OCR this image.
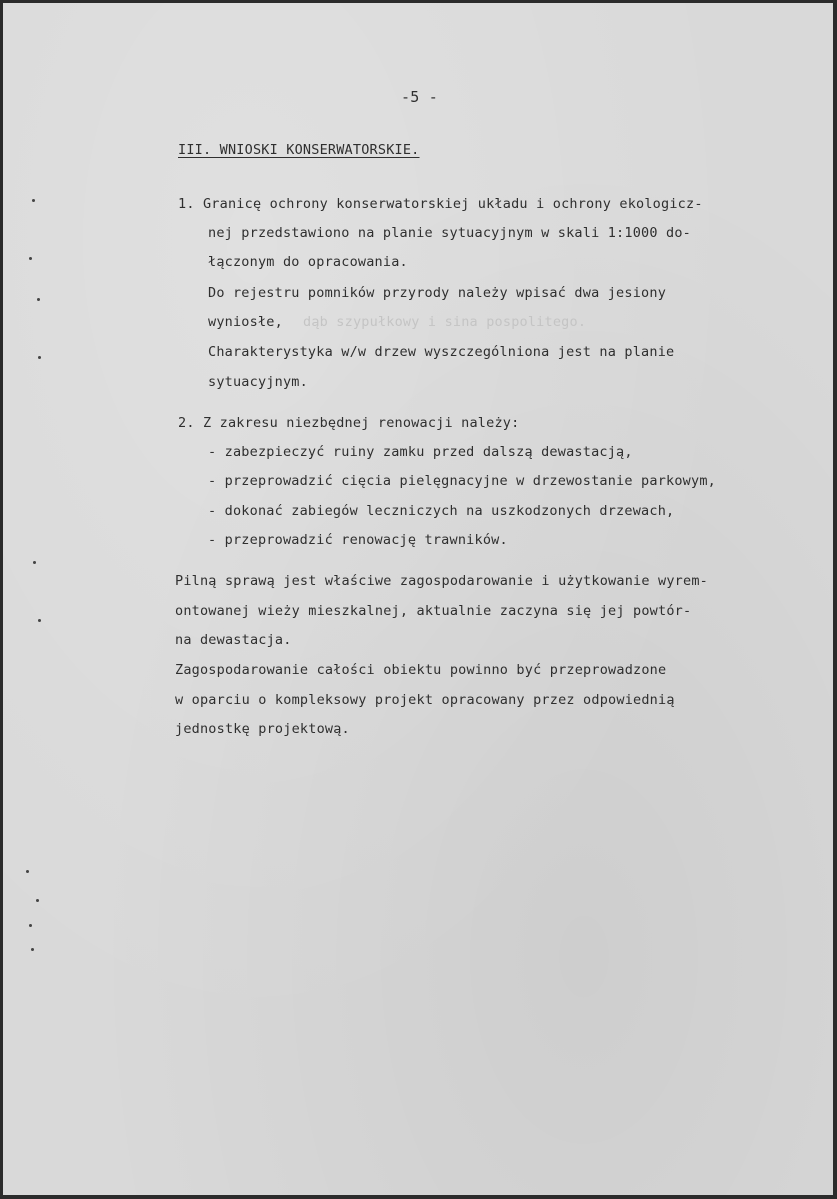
-5 -
III. WNIOSKI KONSERWATORSKIE.
1. Granicę ochrony konserwatorskiej układu i ochrony ekologicz-
nej przedstawiono na planie sytuacyjnym w skali 1:1000 do-
łączonym do opracowania.
Do rejestru pomników przyrody należy wpisać dwa jesiony
wyniosłe, dąb szypułkowy i sina pospolitego.
Charakterystyka w/w drzew wyszczególniona jest na planie
sytuacyjnym.
2. Z zakresu niezbędnej renowacji należy:
- zabezpieczyć ruiny zamku przed dalszą dewastacją,
- przeprowadzić cięcia pielęgnacyjne w drzewostanie parkowym,
- dokonać zabiegów leczniczych na uszkodzonych drzewach,
- przeprowadzić renowację trawników.
Pilną sprawą jest właściwe zagospodarowanie i użytkowanie wyrem-
ontowanej wieży mieszkalnej, aktualnie zaczyna się jej powtór-
na dewastacja.
Zagospodarowanie całości obiektu powinno być przeprowadzone
w oparciu o kompleksowy projekt opracowany przez odpowiednią
jednostkę projektową.
